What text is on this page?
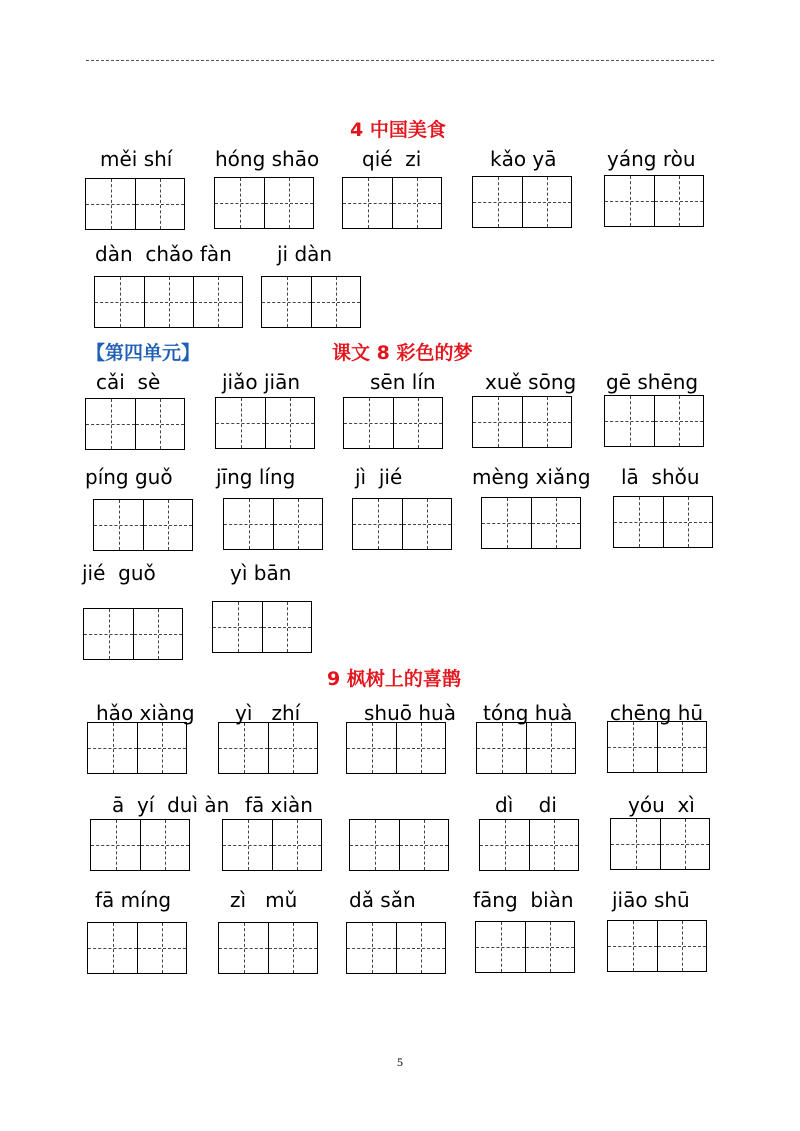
4 中国美食
měi shí hóng shāo qié  zi	kǎo yā	yáng ròu
dàn  chǎo fàn ji dàn
【第四单元】	课文 8 彩色的梦
cǎi  sè	jiǎo jiān	sēn lín xuě sōng gē shēng
píng guǒ jīng líng	jì  jié	mèng xiǎng lā  shǒu
jié  guǒ	yì bān
9 枫树上的喜鹊
hǎo xiàng yì   zhí	shuō huà tóng huà chēng hū
ā  yí  duì àn fā xiàn	dì    di	yóu  xì
fā míng	zì   mǔ	dǎ sǎn	fāng  biàn jiāo shū
5
